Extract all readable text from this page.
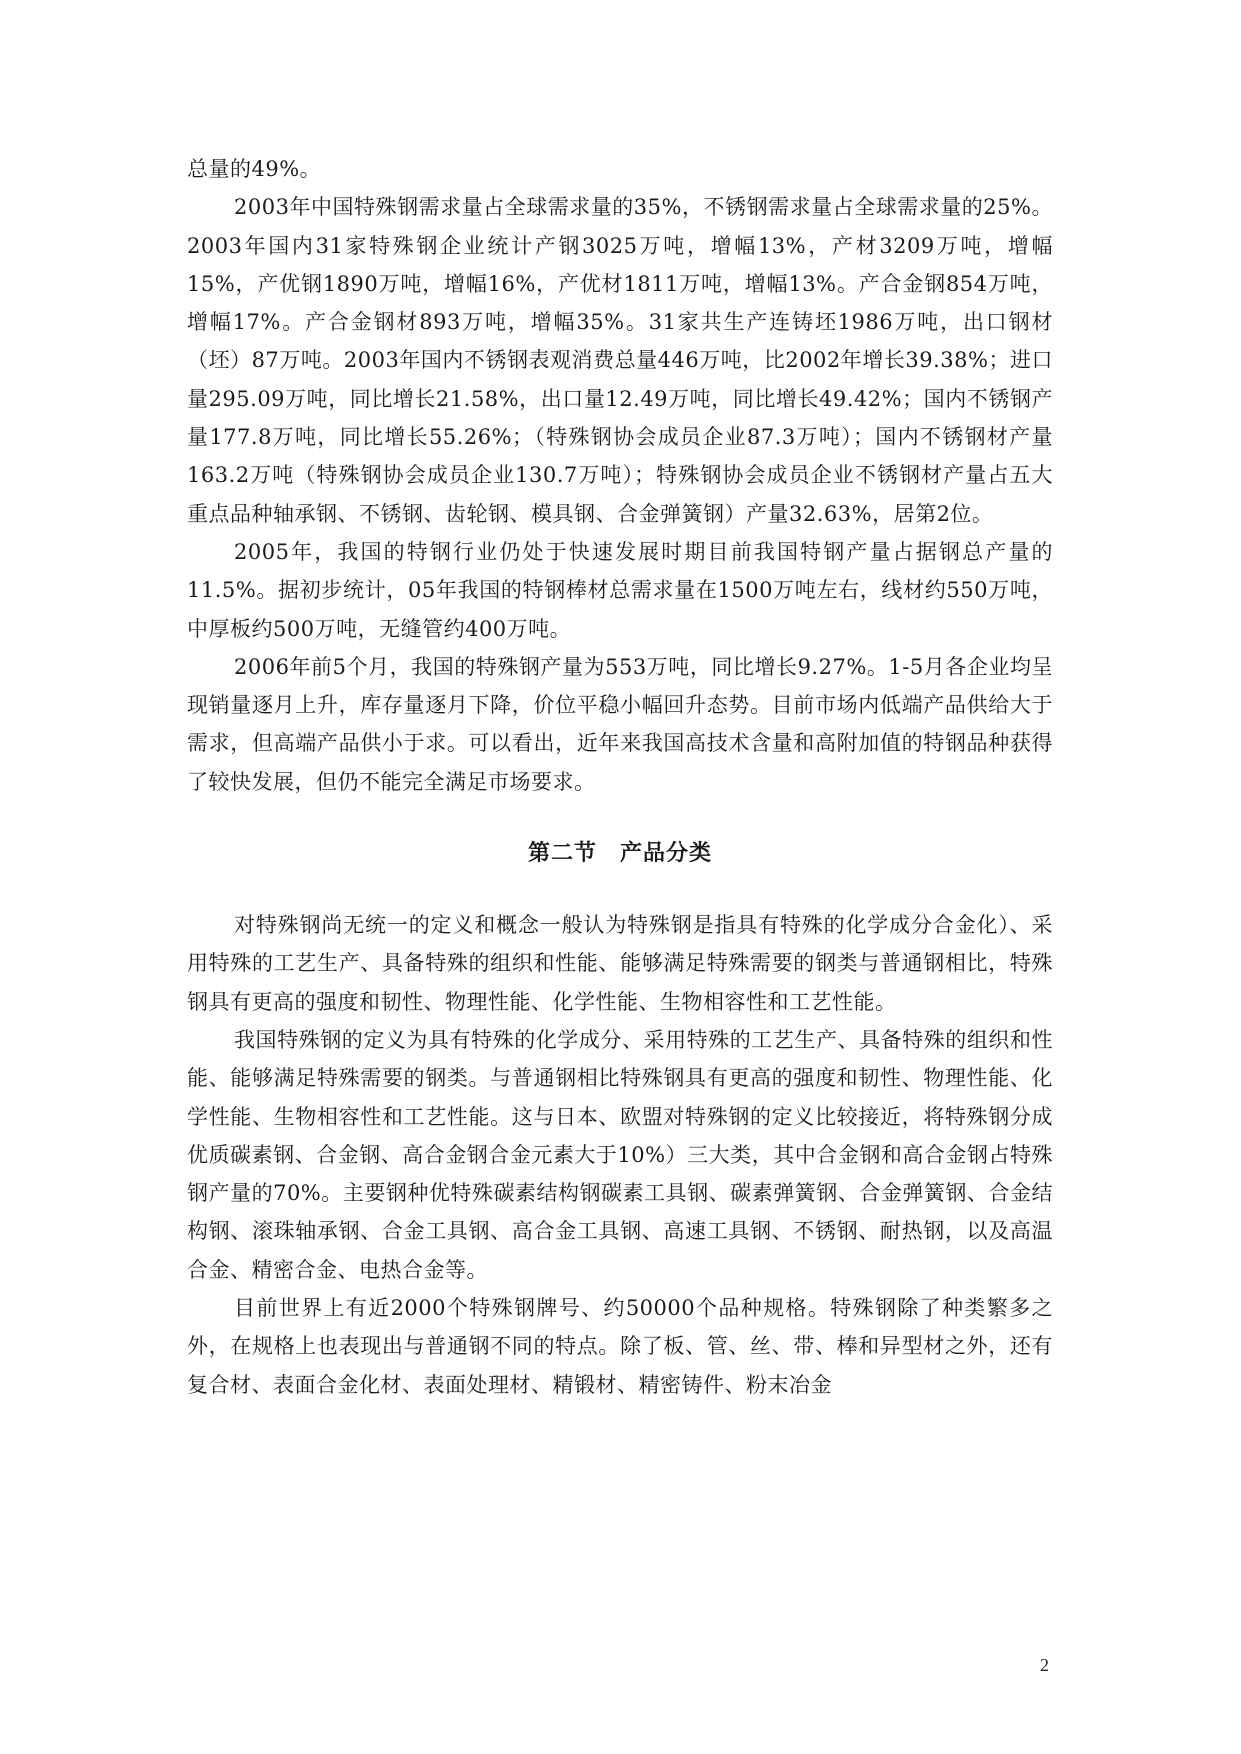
总量的49%。

2003年中国特殊钢需求量占全球需求量的35%，不锈钢需求量占全球需求量的25%。2003年国内31家特殊钢企业统计产钢3025万吨，增幅13%，产材3209万吨，增幅15%，产优钢1890万吨，增幅16%，产优材1811万吨，增幅13%。产合金钢854万吨，增幅17%。产合金钢材893万吨，增幅35%。31家共生产连铸坯1986万吨，出口钢材（坯）87万吨。2003年国内不锈钢表观消费总量446万吨，比2002年增长39.38%；进口量295.09万吨，同比增长21.58%，出口量12.49万吨，同比增长49.42%；国内不锈钢产量177.8万吨，同比增长55.26%；（特殊钢协会成员企业87.3万吨）；国内不锈钢材产量163.2万吨（特殊钢协会成员企业130.7万吨）；特殊钢协会成员企业不锈钢材产量占五大重点品种轴承钢、不锈钢、齿轮钢、模具钢、合金弹簧钢）产量32.63%，居第2位。

2005年，我国的特钢行业仍处于快速发展时期目前我国特钢产量占据钢总产量的11.5%。据初步统计，05年我国的特钢棒材总需求量在1500万吨左右，线材约550万吨，中厚板约500万吨，无缝管约400万吨。

2006年前5个月，我国的特殊钢产量为553万吨，同比增长9.27%。1-5月各企业均呈现销量逐月上升，库存量逐月下降，价位平稳小幅回升态势。目前市场内低端产品供给大于需求，但高端产品供小于求。可以看出，近年来我国高技术含量和高附加值的特钢品种获得了较快发展，但仍不能完全满足市场要求。

第二节　产品分类

对特殊钢尚无统一的定义和概念一般认为特殊钢是指具有特殊的化学成分合金化）、采用特殊的工艺生产、具备特殊的组织和性能、能够满足特殊需要的钢类与普通钢相比，特殊钢具有更高的强度和韧性、物理性能、化学性能、生物相容性和工艺性能。

我国特殊钢的定义为具有特殊的化学成分、采用特殊的工艺生产、具备特殊的组织和性能、能够满足特殊需要的钢类。与普通钢相比特殊钢具有更高的强度和韧性、物理性能、化学性能、生物相容性和工艺性能。这与日本、欧盟对特殊钢的定义比较接近，将特殊钢分成优质碳素钢、合金钢、高合金钢合金元素大于10%）三大类，其中合金钢和高合金钢占特殊钢产量的70%。主要钢种优特殊碳素结构钢碳素工具钢、碳素弹簧钢、合金弹簧钢、合金结构钢、滚珠轴承钢、合金工具钢、高合金工具钢、高速工具钢、不锈钢、耐热钢，以及高温合金、精密合金、电热合金等。

目前世界上有近2000个特殊钢牌号、约50000个品种规格。特殊钢除了种类繁多之外，在规格上也表现出与普通钢不同的特点。除了板、管、丝、带、棒和异型材之外，还有复合材、表面合金化材、表面处理材、精锻材、精密铸件、粉末冶金

2
